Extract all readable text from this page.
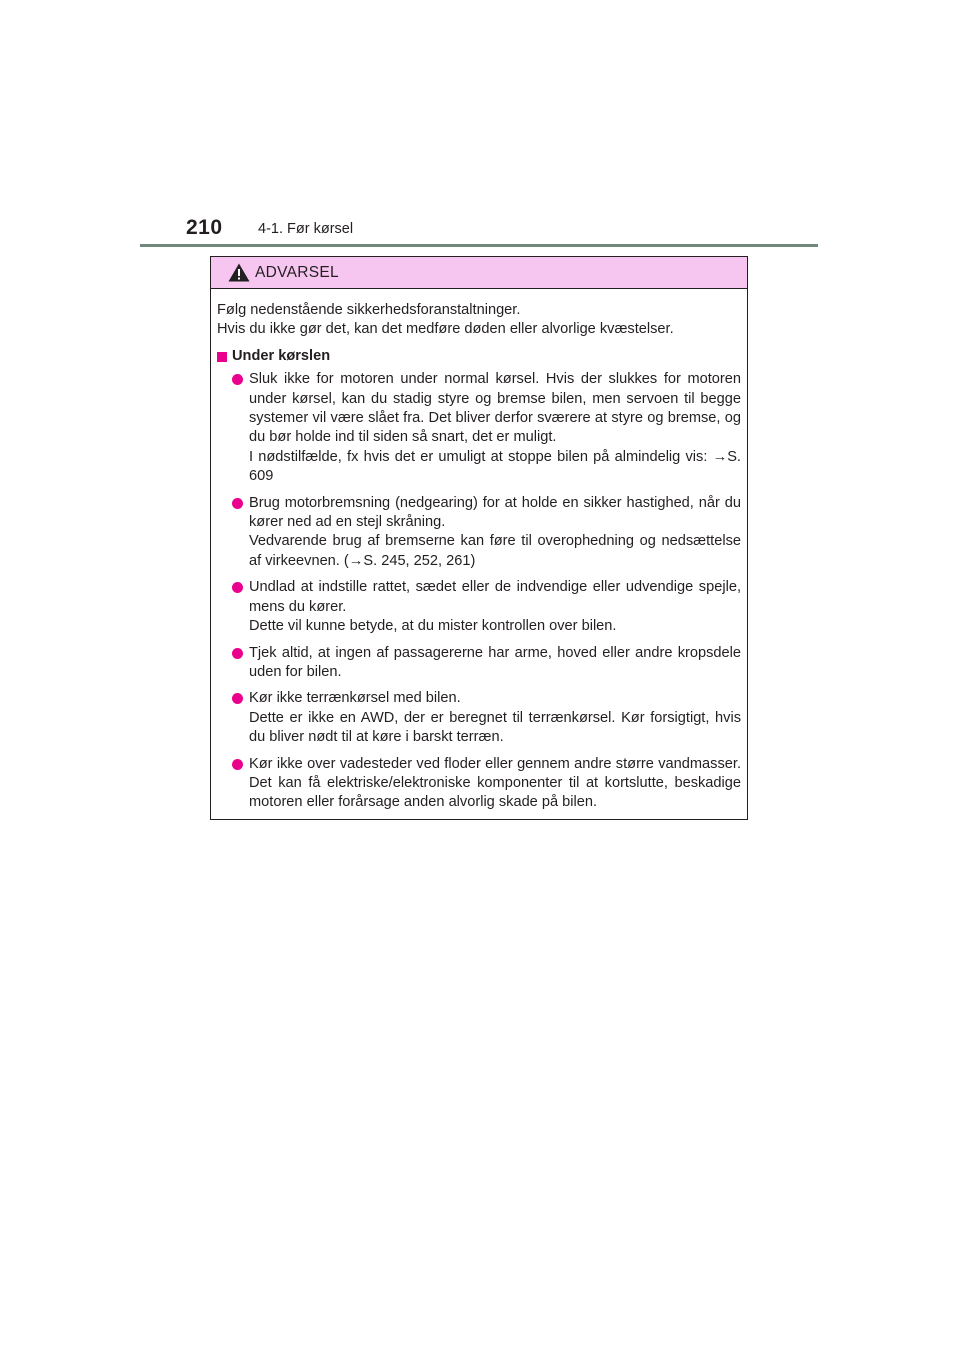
210 4-1. Før kørsel
ADVARSEL

Følg nedenstående sikkerhedsforanstaltninger.

Hvis du ikke gør det, kan det medføre døden eller alvorlige kvæstelser.

Under kørslen

Sluk ikke for motoren under normal kørsel. Hvis der slukkes for motoren under kørsel, kan du stadig styre og bremse bilen, men servoen til begge systemer vil være slået fra. Det bliver derfor sværere at styre og bremse, og du bør holde ind til siden så snart, det er muligt.

I nødstilfælde, fx hvis det er umuligt at stoppe bilen på almindelig vis: →S. 609

Brug motorbremsning (nedgearing) for at holde en sikker hastighed, når du kører ned ad en stejl skråning.

Vedvarende brug af bremserne kan føre til overophedning og nedsættelse af virkeevnen. (→S. 245, 252, 261)

Undlad at indstille rattet, sædet eller de indvendige eller udvendige spejle, mens du kører.

Dette vil kunne betyde, at du mister kontrollen over bilen.

Tjek altid, at ingen af passagererne har arme, hoved eller andre kropsdele uden for bilen.

Kør ikke terrænkørsel med bilen.

Dette er ikke en AWD, der er beregnet til terrænkørsel. Kør forsigtigt, hvis du bliver nødt til at køre i barskt terræn.

Kør ikke over vadesteder ved floder eller gennem andre større vandmasser. Det kan få elektriske/elektroniske komponenter til at kortslutte, beskadige motoren eller forårsage anden alvorlig skade på bilen.
